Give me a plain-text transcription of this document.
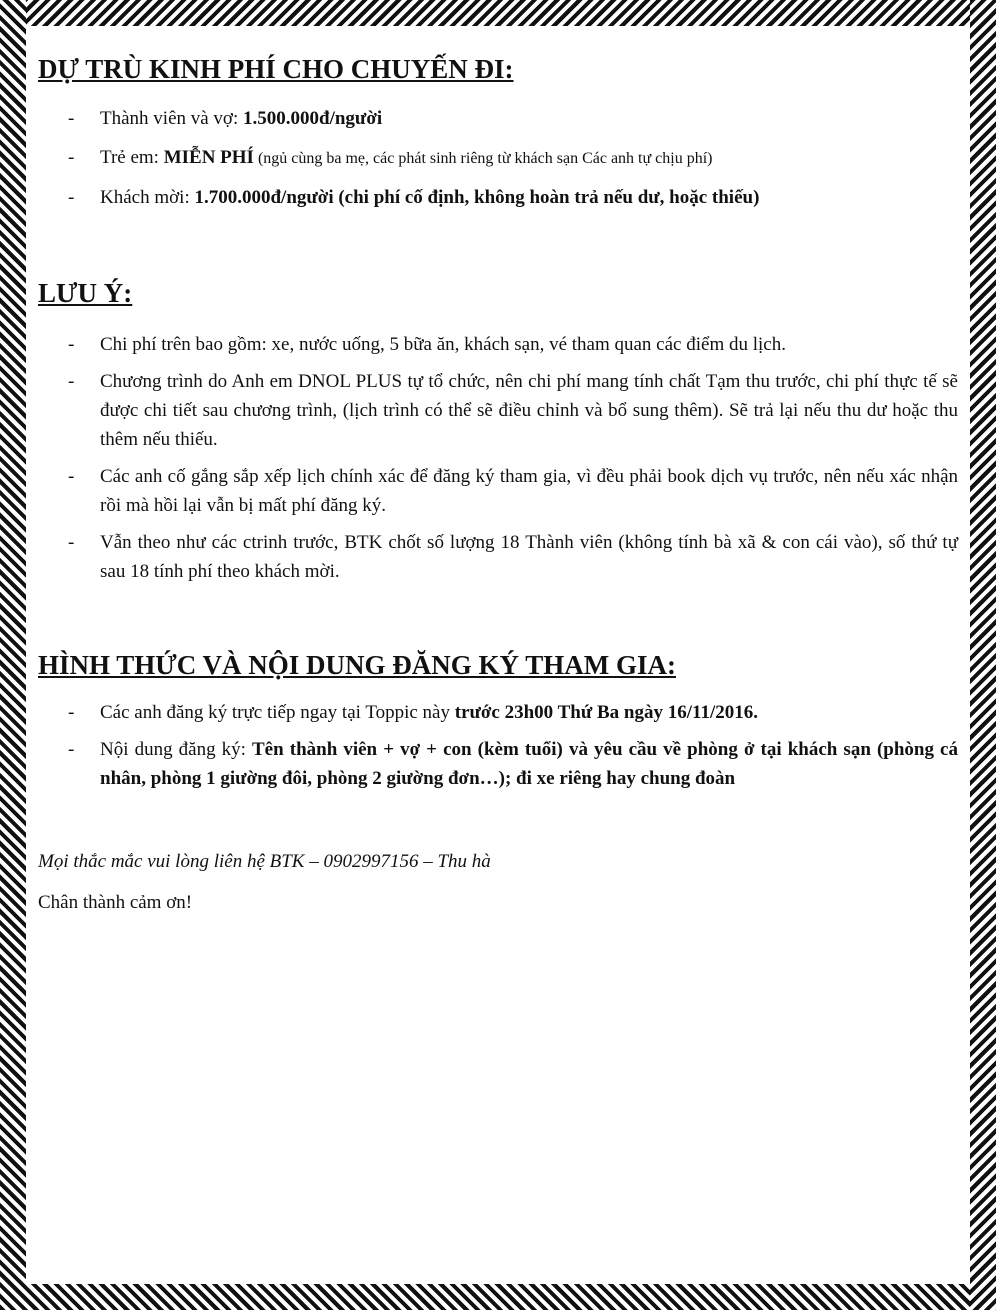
DỰ TRÙ KINH PHÍ CHO CHUYẾN ĐI:
- Thành viên và vợ: 1.500.000đ/người
- Trẻ em: MIỄN PHÍ (ngủ cùng ba mẹ, các phát sinh riêng từ khách sạn Các anh tự chịu phí)
- Khách mời: 1.700.000đ/người (chi phí cố định, không hoàn trả nếu dư, hoặc thiếu)
LƯU Ý:
- Chi phí trên bao gồm: xe, nước uống, 5 bữa ăn, khách sạn, vé tham quan các điểm du lịch.
- Chương trình do Anh em DNOL PLUS tự tổ chức, nên chi phí mang tính chất Tạm thu trước, chi phí thực tế sẽ được chi tiết sau chương trình, (lịch trình có thể sẽ điều chỉnh và bổ sung thêm). Sẽ trả lại nếu thu dư hoặc thu thêm nếu thiếu.
- Các anh cố gắng sắp xếp lịch chính xác để đăng ký tham gia, vì đều phải book dịch vụ trước, nên nếu xác nhận rồi mà hồi lại vẫn bị mất phí đăng ký.
- Vẫn theo như các ctrinh trước, BTK chốt số lượng 18 Thành viên (không tính bà xã & con cái vào), số thứ tự sau 18 tính phí theo khách mời.
HÌNH THỨC VÀ NỘI DUNG ĐĂNG KÝ THAM GIA:
- Các anh đăng ký trực tiếp ngay tại Toppic này trước 23h00 Thứ Ba ngày 16/11/2016.
- Nội dung đăng ký: Tên thành viên + vợ + con (kèm tuổi) và yêu cầu về phòng ở tại khách sạn (phòng cá nhân, phòng 1 giường đôi, phòng 2 giường đơn…); đi xe riêng hay chung đoàn

Mọi thắc mắc vui lòng liên hệ BTK – 0902997156 – Thu hà

Chân thành cảm ơn!
